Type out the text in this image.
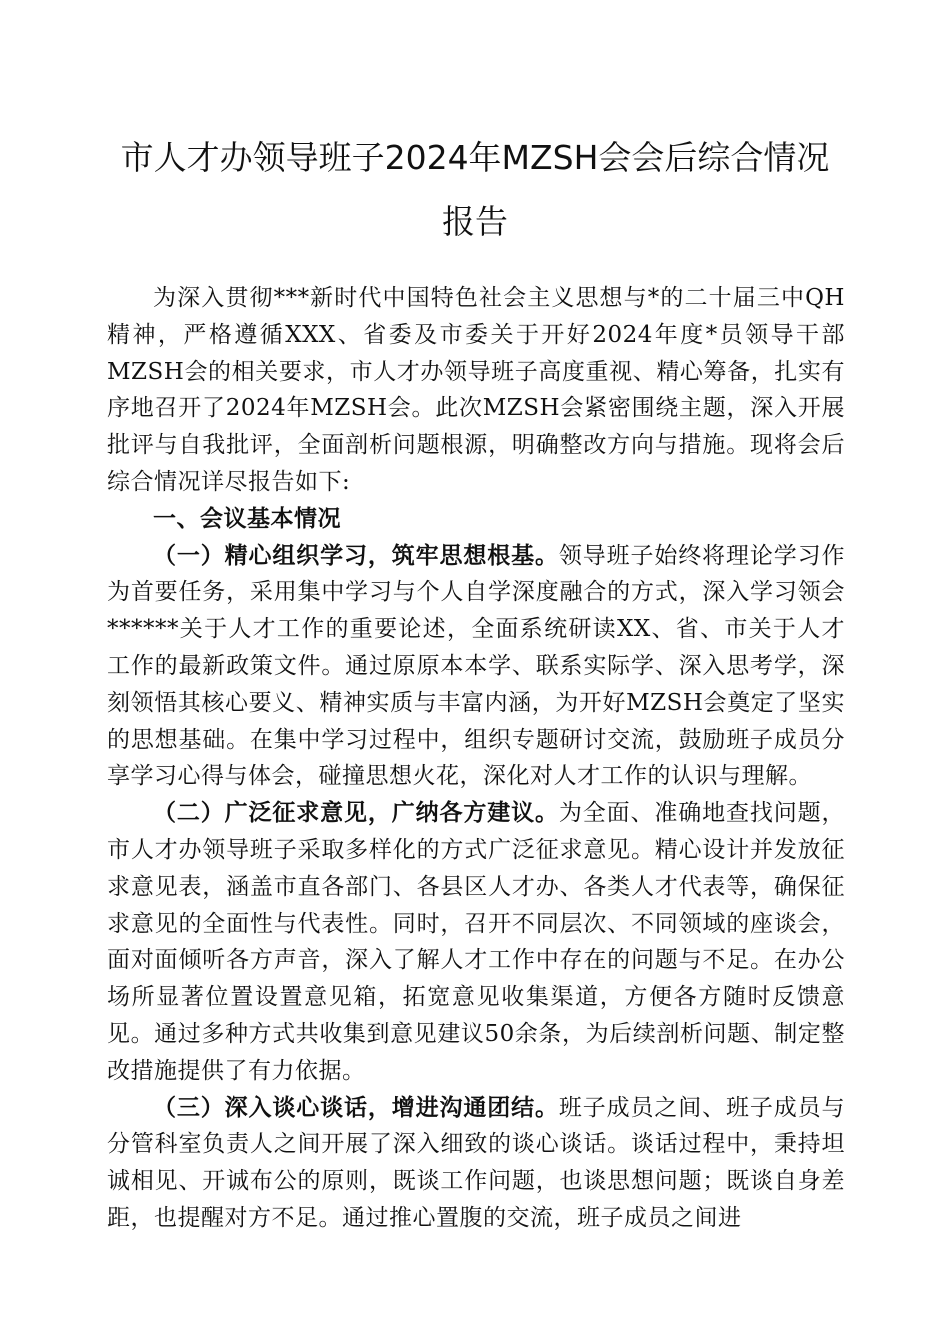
市人才办领导班子2024年MZSH会会后综合情况
报告

为深入贯彻***新时代中国特色社会主义思想与*的二十届三中QH精神，严格遵循XXX、省委及市委关于开好2024年度*员领导干部MZSH会的相关要求，市人才办领导班子高度重视、精心筹备，扎实有序地召开了2024年MZSH会。此次MZSH会紧密围绕主题，深入开展批评与自我批评，全面剖析问题根源，明确整改方向与措施。现将会后综合情况详尽报告如下:

一、会议基本情况

（一）精心组织学习，筑牢思想根基。领导班子始终将理论学习作为首要任务，采用集中学习与个人自学深度融合的方式，深入学习领会******关于人才工作的重要论述，全面系统研读XX、省、市关于人才工作的最新政策文件。通过原原本本学、联系实际学、深入思考学，深刻领悟其核心要义、精神实质与丰富内涵，为开好MZSH会奠定了坚实的思想基础。在集中学习过程中，组织专题研讨交流，鼓励班子成员分享学习心得与体会，碰撞思想火花，深化对人才工作的认识与理解。

（二）广泛征求意见，广纳各方建议。为全面、准确地查找问题，市人才办领导班子采取多样化的方式广泛征求意见。精心设计并发放征求意见表，涵盖市直各部门、各县区人才办、各类人才代表等，确保征求意见的全面性与代表性。同时，召开不同层次、不同领域的座谈会，面对面倾听各方声音，深入了解人才工作中存在的问题与不足。在办公场所显著位置设置意见箱，拓宽意见收集渠道，方便各方随时反馈意见。通过多种方式共收集到意见建议50余条，为后续剖析问题、制定整改措施提供了有力依据。

（三）深入谈心谈话，增进沟通团结。班子成员之间、班子成员与分管科室负责人之间开展了深入细致的谈心谈话。谈话过程中，秉持坦诚相见、开诚布公的原则，既谈工作问题，也谈思想问题；既谈自身差距，也提醒对方不足。通过推心置腹的交流，班子成员之间进
